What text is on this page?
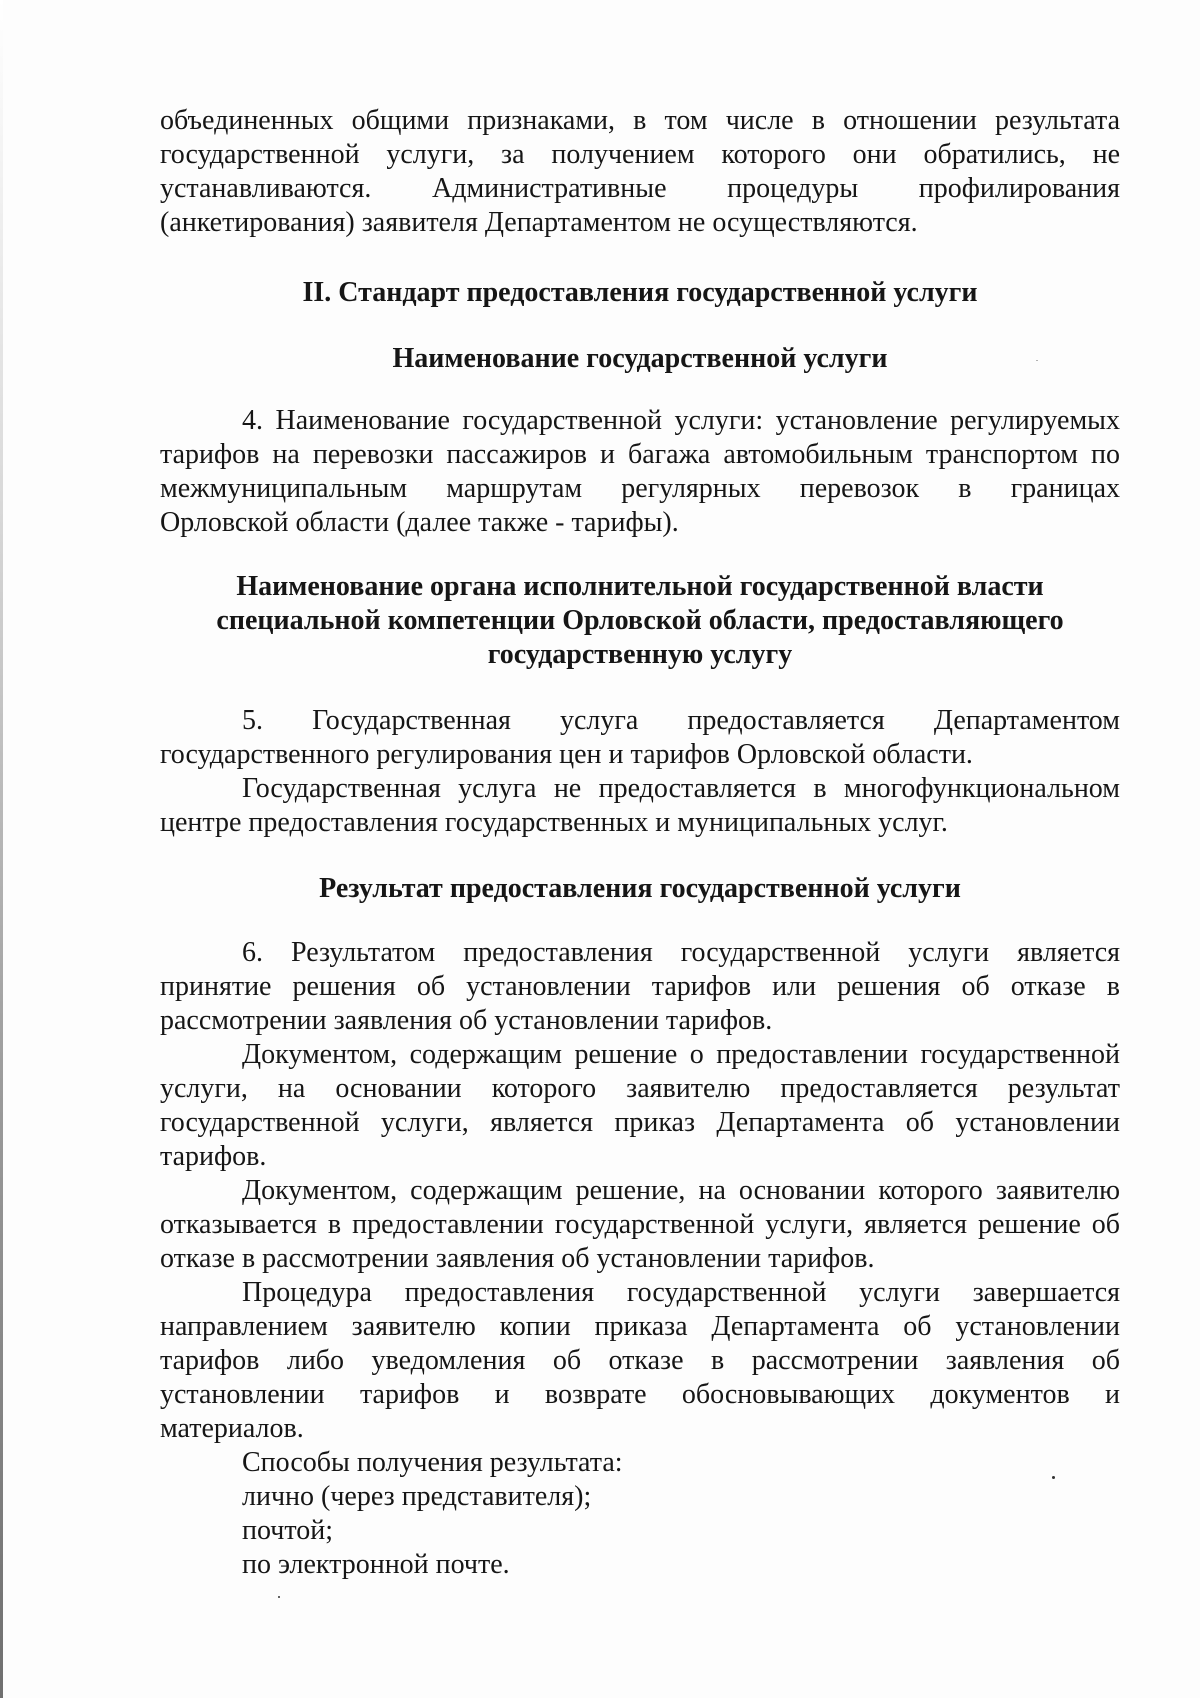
объединенных общими признаками, в том числе в отношении результата
государственной услуги, за получением которого они обратились, не
устанавливаются. Административные процедуры профилирования
(анкетирования) заявителя Департаментом не осуществляются.
II. Стандарт предоставления государственной услуги
Наименование государственной услуги
4. Наименование государственной услуги: установление регулируемых
тарифов на перевозки пассажиров и багажа автомобильным транспортом по
межмуниципальным маршрутам регулярных перевозок в границах
Орловской области (далее также - тарифы).
Наименование органа исполнительной государственной власти
специальной компетенции Орловской области, предоставляющего
государственную услугу
5. Государственная услуга предоставляется Департаментом
государственного регулирования цен и тарифов Орловской области.
Государственная услуга не предоставляется в многофункциональном
центре предоставления государственных и муниципальных услуг.
Результат предоставления государственной услуги
6. Результатом предоставления государственной услуги является
принятие решения об установлении тарифов или решения об отказе в
рассмотрении заявления об установлении тарифов.
Документом, содержащим решение о предоставлении государственной
услуги, на основании которого заявителю предоставляется результат
государственной услуги, является приказ Департамента об установлении
тарифов.
Документом, содержащим решение, на основании которого заявителю
отказывается в предоставлении государственной услуги, является решение об
отказе в рассмотрении заявления об установлении тарифов.
Процедура предоставления государственной услуги завершается
направлением заявителю копии приказа Департамента об установлении
тарифов либо уведомления об отказе в рассмотрении заявления об
установлении тарифов и возврате обосновывающих документов и
материалов.
Способы получения результата:
лично (через представителя);
почтой;
по электронной почте.
